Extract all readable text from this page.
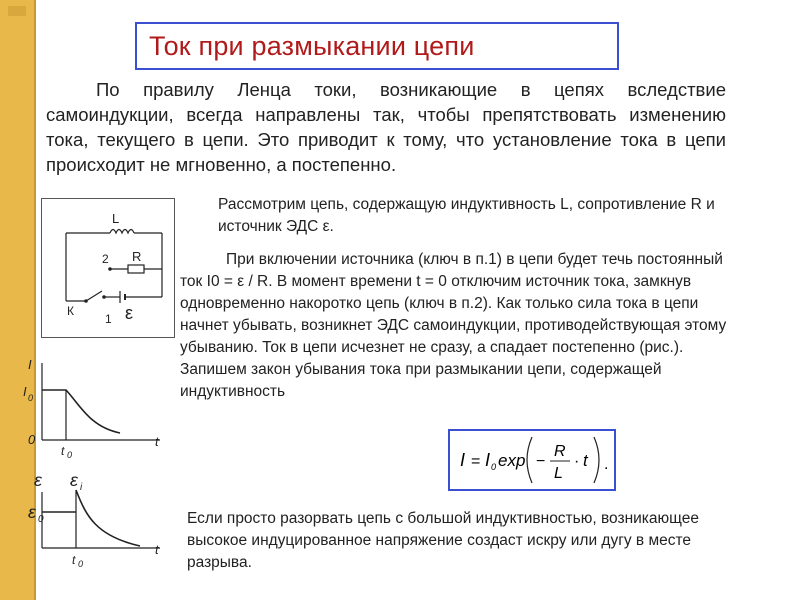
Ток при размыкании цепи

По правилу Ленца токи, возникающие в цепях вследствие самоиндукции, всегда направлены так, чтобы препятствовать изменению тока, текущего в цепи. Это приводит к тому, что установление тока в цепи происходит не мгновенно, а постепенно.

L
R
2
1
К	ε

Рассмотрим цепь, содержащую индуктивность L, сопротивление R и источник ЭДС ε.

При включении источника (ключ в п.1) в цепи будет течь постоянный ток I0 = ε / R. В момент времени t = 0 отключим источник тока, замкнув одновременно накоротко цепь (ключ в п.2). Как только сила тока в цепи начнет убывать, возникнет ЭДС самоиндукции, противодействующая этому убыванию. Ток в цепи исчезнет не сразу, а спадает постепенно (рис.). Запишем закон убывания тока при размыкании цепи, содержащей индуктивность

I
I 0
0	t
t 0	I = I 0 exp −
R
L
· t .
ε ε i
ε 0
t
t 0

Если просто разорвать цепь с большой индуктивностью, возникающее высокое индуцированное напряжение создаст искру или дугу в месте разрыва.
